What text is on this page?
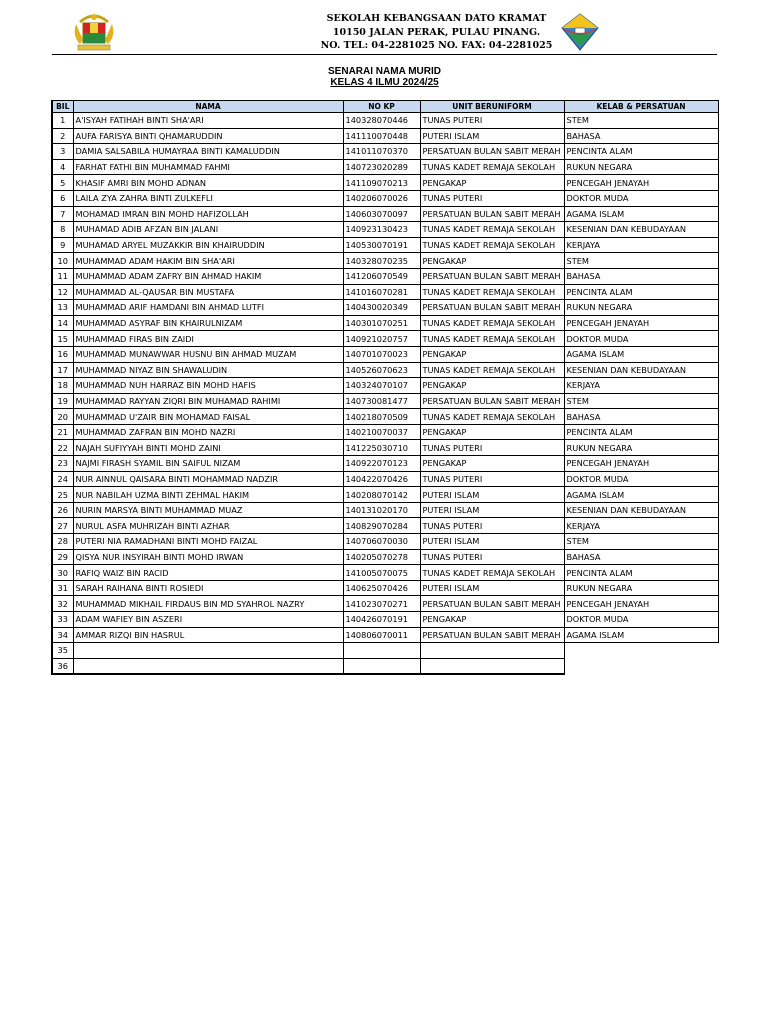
SEKOLAH KEBANGSAAN DATO KRAMAT
10150 JALAN PERAK, PULAU PINANG.
NO. TEL: 04-2281025 NO. FAX: 04-2281025
SENARAI NAMA MURID
KELAS 4 ILMU 2024/25
BIL	NAMA	NO KP	UNIT BERUNIFORM	KELAB & PERSATUAN
1	A'ISYAH FATIHAH BINTI SHA'ARI	140328070446	TUNAS PUTERI	STEM
2	AUFA FARISYA BINTI QHAMARUDDIN	141110070448	PUTERI ISLAM	BAHASA
3	DAMIA SALSABILA HUMAYRAA BINTI KAMALUDDIN	141011070370	PERSATUAN BULAN SABIT MERAH	PENCINTA ALAM
4	FARHAT FATHI BIN MUHAMMAD FAHMI	140723020289	TUNAS KADET REMAJA SEKOLAH	RUKUN NEGARA
5	KHASIF AMRI BIN MOHD ADNAN	141109070213	PENGAKAP	PENCEGAH JENAYAH
6	LAILA ZYA ZAHRA BINTI ZULKEFLI	140206070026	TUNAS PUTERI	DOKTOR MUDA
7	MOHAMAD IMRAN BIN MOHD HAFIZOLLAH	140603070097	PERSATUAN BULAN SABIT MERAH	AGAMA ISLAM
8	MUHAMAD ADIB AFZAN BIN JALANI	140923130423	TUNAS KADET REMAJA SEKOLAH	KESENIAN DAN KEBUDAYAAN
9	MUHAMAD ARYEL MUZAKKIR BIN KHAIRUDDIN	140530070191	TUNAS KADET REMAJA SEKOLAH	KERJAYA
10	MUHAMMAD ADAM HAKIM BIN SHA'ARI	140328070235	PENGAKAP	STEM
11	MUHAMMAD ADAM ZAFRY BIN AHMAD HAKIM	141206070549	PERSATUAN BULAN SABIT MERAH	BAHASA
12	MUHAMMAD AL-QAUSAR BIN MUSTAFA	141016070281	TUNAS KADET REMAJA SEKOLAH	PENCINTA ALAM
13	MUHAMMAD ARIF HAMDANI BIN AHMAD LUTFI	140430020349	PERSATUAN BULAN SABIT MERAH	RUKUN NEGARA
14	MUHAMMAD ASYRAF BIN KHAIRULNIZAM	140301070251	TUNAS KADET REMAJA SEKOLAH	PENCEGAH JENAYAH
15	MUHAMMAD FIRAS BIN ZAIDI	140921020757	TUNAS KADET REMAJA SEKOLAH	DOKTOR MUDA
16	MUHAMMAD MUNAWWAR HUSNU BIN AHMAD MUZAM	140701070023	PENGAKAP	AGAMA ISLAM
17	MUHAMMAD NIYAZ BIN SHAWALUDIN	140526070623	TUNAS KADET REMAJA SEKOLAH	KESENIAN DAN KEBUDAYAAN
18	MUHAMMAD NUH HARRAZ BIN MOHD HAFIS	140324070107	PENGAKAP	KERJAYA
19	MUHAMMAD RAYYAN ZIQRI BIN MUHAMAD RAHIMI	140730081477	PERSATUAN BULAN SABIT MERAH	STEM
20	MUHAMMAD U'ZAIR BIN MOHAMAD FAISAL	140218070509	TUNAS KADET REMAJA SEKOLAH	BAHASA
21	MUHAMMAD ZAFRAN BIN MOHD NAZRI	140210070037	PENGAKAP	PENCINTA ALAM
22	NAJAH SUFIYYAH BINTI MOHD ZAINI	141225030710	TUNAS PUTERI	RUKUN NEGARA
23	NAJMI FIRASH SYAMIL BIN SAIFUL NIZAM	140922070123	PENGAKAP	PENCEGAH JENAYAH
24	NUR AINNUL QAISARA BINTI MOHAMMAD NADZIR	140422070426	TUNAS PUTERI	DOKTOR MUDA
25	NUR NABILAH UZMA BINTI ZEHMAL HAKIM	140208070142	PUTERI ISLAM	AGAMA ISLAM
26	NURIN MARSYA BINTI MUHAMMAD MUAZ	140131020170	PUTERI ISLAM	KESENIAN DAN KEBUDAYAAN
27	NURUL ASFA MUHRIZAH BINTI AZHAR	140829070284	TUNAS PUTERI	KERJAYA
28	PUTERI NIA RAMADHANI BINTI MOHD FAIZAL	140706070030	PUTERI ISLAM	STEM
29	QISYA NUR INSYIRAH BINTI MOHD IRWAN	140205070278	TUNAS PUTERI	BAHASA
30	RAFIQ WAIZ BIN RACID	141005070075	TUNAS KADET REMAJA SEKOLAH	PENCINTA ALAM
31	SARAH RAIHANA BINTI ROSIEDI	140625070426	PUTERI ISLAM	RUKUN NEGARA
32	MUHAMMAD MIKHAIL FIRDAUS BIN MD SYAHROL NAZRY	141023070271	PERSATUAN BULAN SABIT MERAH	PENCEGAH JENAYAH
33	ADAM WAFIEY BIN ASZERI	140426070191	PENGAKAP	DOKTOR MUDA
34	AMMAR RIZQI BIN HASRUL	140806070011	PERSATUAN BULAN SABIT MERAH	AGAMA ISLAM
35				
36				
